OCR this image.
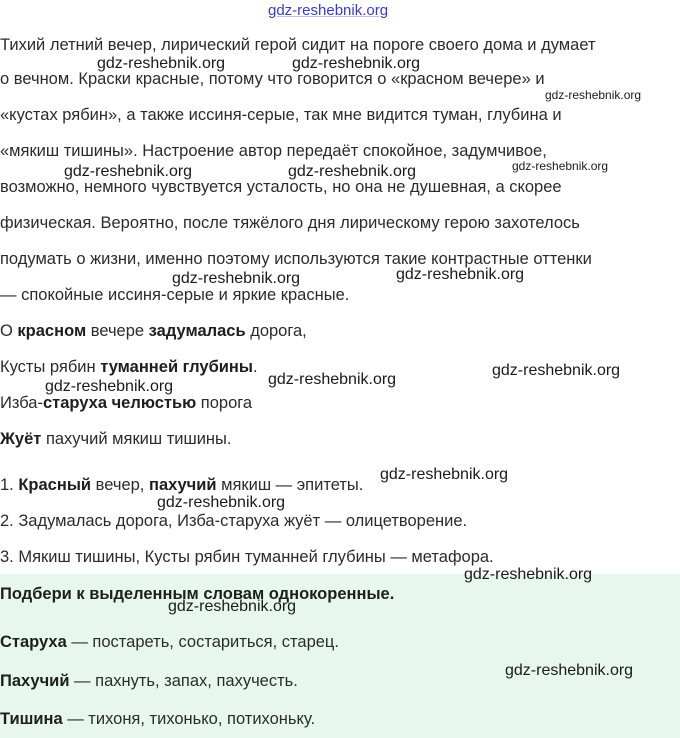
gdz-reshebnik.org
Тихий летний вечер, лирический герой сидит на пороге своего дома и думает
о вечном. Краски красные, потому что говорится о «красном вечере» и
«кустах рябин», а также иссиня-серые, так мне видится туман, глубина и
«мякиш тишины». Настроение автор передаёт спокойное, задумчивое,
возможно, немного чувствуется усталость, но она не душевная, а скорее
физическая. Вероятно, после тяжёлого дня лирическому герою захотелось
подумать о жизни, именно поэтому используются такие контрастные оттенки
— спокойные иссиня-серые и яркие красные.
О красном вечере задумалась дорога,
Кусты рябин туманней глубины.
Изба-старуха челюстью порога
Жуёт пахучий мякиш тишины.
1. Красный вечер, пахучий мякиш — эпитеты.
2. Задумалась дорога, Изба-старуха жуёт — олицетворение.
3. Мякиш тишины, Кусты рябин туманней глубины — метафора.
Подбери к выделенным словам однокоренные.
Старуха — постареть, состариться, старец.
Пахучий — пахнуть, запах, пахучесть.
Тишина — тихоня, тихонько, потихоньку.
gdz-reshebnik.org	gdz-reshebnik.org
gdz-reshebnik.org
gdz-reshebnik.org	gdz-reshebnik.org	gdz-reshebnik.org
gdz-reshebnik.org	gdz-reshebnik.org
gdz-reshebnik.org
gdz-reshebnik.org
gdz-reshebnik.org
gdz-reshebnik.org
gdz-reshebnik.org
gdz-reshebnik.org
gdz-reshebnik.org
gdz-reshebnik.org
